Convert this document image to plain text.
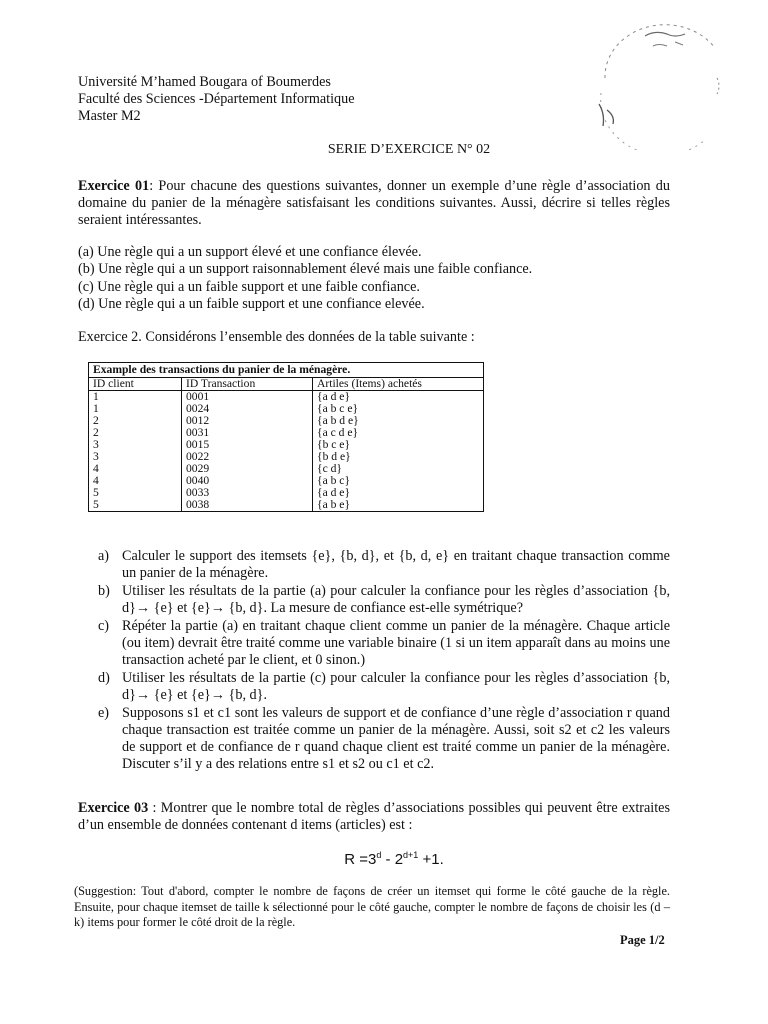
Université M’hamed Bougara of Boumerdes
Faculté des Sciences -Département Informatique
Master M2
SERIE D’EXERCICE N° 02
Exercice 01: Pour chacune des questions suivantes, donner un exemple d’une règle d’association du domaine du panier de la ménagère satisfaisant les conditions suivantes. Aussi, décrire si telles règles seraient intéressantes.
(a) Une règle qui a un support élevé et une confiance élevée.
(b) Une règle qui a un support raisonnablement élevé mais une faible confiance.
(c) Une règle qui a un faible support et une faible confiance.
(d) Une règle qui a un faible support et une confiance elevée.
Exercice 2. Considérons l’ensemble des données de la table suivante :
Example des transactions du panier de la ménagère.
ID client	ID Transaction	Artiles (Items) achetés
1	0001	{a d e}
1	0024	{a b c e}
2	0012	{a b d e}
2	0031	{a c d e}
3	0015	{b c e}
3	0022	{b d e}
4	0029	{c d}
4	0040	{a b c}
5	0033	{a d e}
5	0038	{a b e}
a) Calculer le support des itemsets {e}, {b, d}, et {b, d, e} en traitant chaque transaction comme un panier de la ménagère.
b) Utiliser les résultats de la partie (a) pour calculer la confiance pour les règles d’association {b, d}→ {e} et {e}→ {b, d}. La mesure de confiance est-elle symétrique?
c) Répéter la partie (a) en traitant chaque client comme un panier de la ménagère. Chaque article (ou item) devrait être traité comme une variable binaire (1 si un item apparaît dans au moins une transaction acheté par le client, et 0 sinon.)
d) Utiliser les résultats de la partie (c) pour calculer la confiance pour les règles d’association {b, d}→ {e} et {e}→ {b, d}.
e) Supposons s1 et c1 sont les valeurs de support et de confiance d’une règle d’association r quand chaque transaction est traitée comme un panier de la ménagère. Aussi, soit s2 et c2 les valeurs de support et de confiance de r quand chaque client est traité comme un panier de la ménagère. Discuter s’il y a des relations entre s1 et s2 ou c1 et c2.
Exercice 03 : Montrer que le nombre total de règles d’associations possibles qui peuvent être extraites d’un ensemble de données contenant d items (articles) est :
$R =3^d - 2^{d+1} +1$.
(Suggestion: Tout d'abord, compter le nombre de façons de créer un itemset qui forme le côté gauche de la règle. Ensuite, pour chaque itemset de taille k sélectionné pour le côté gauche, compter le nombre de façons de choisir les (d – k) items pour former le côté droit de la règle.
Page 1/2
